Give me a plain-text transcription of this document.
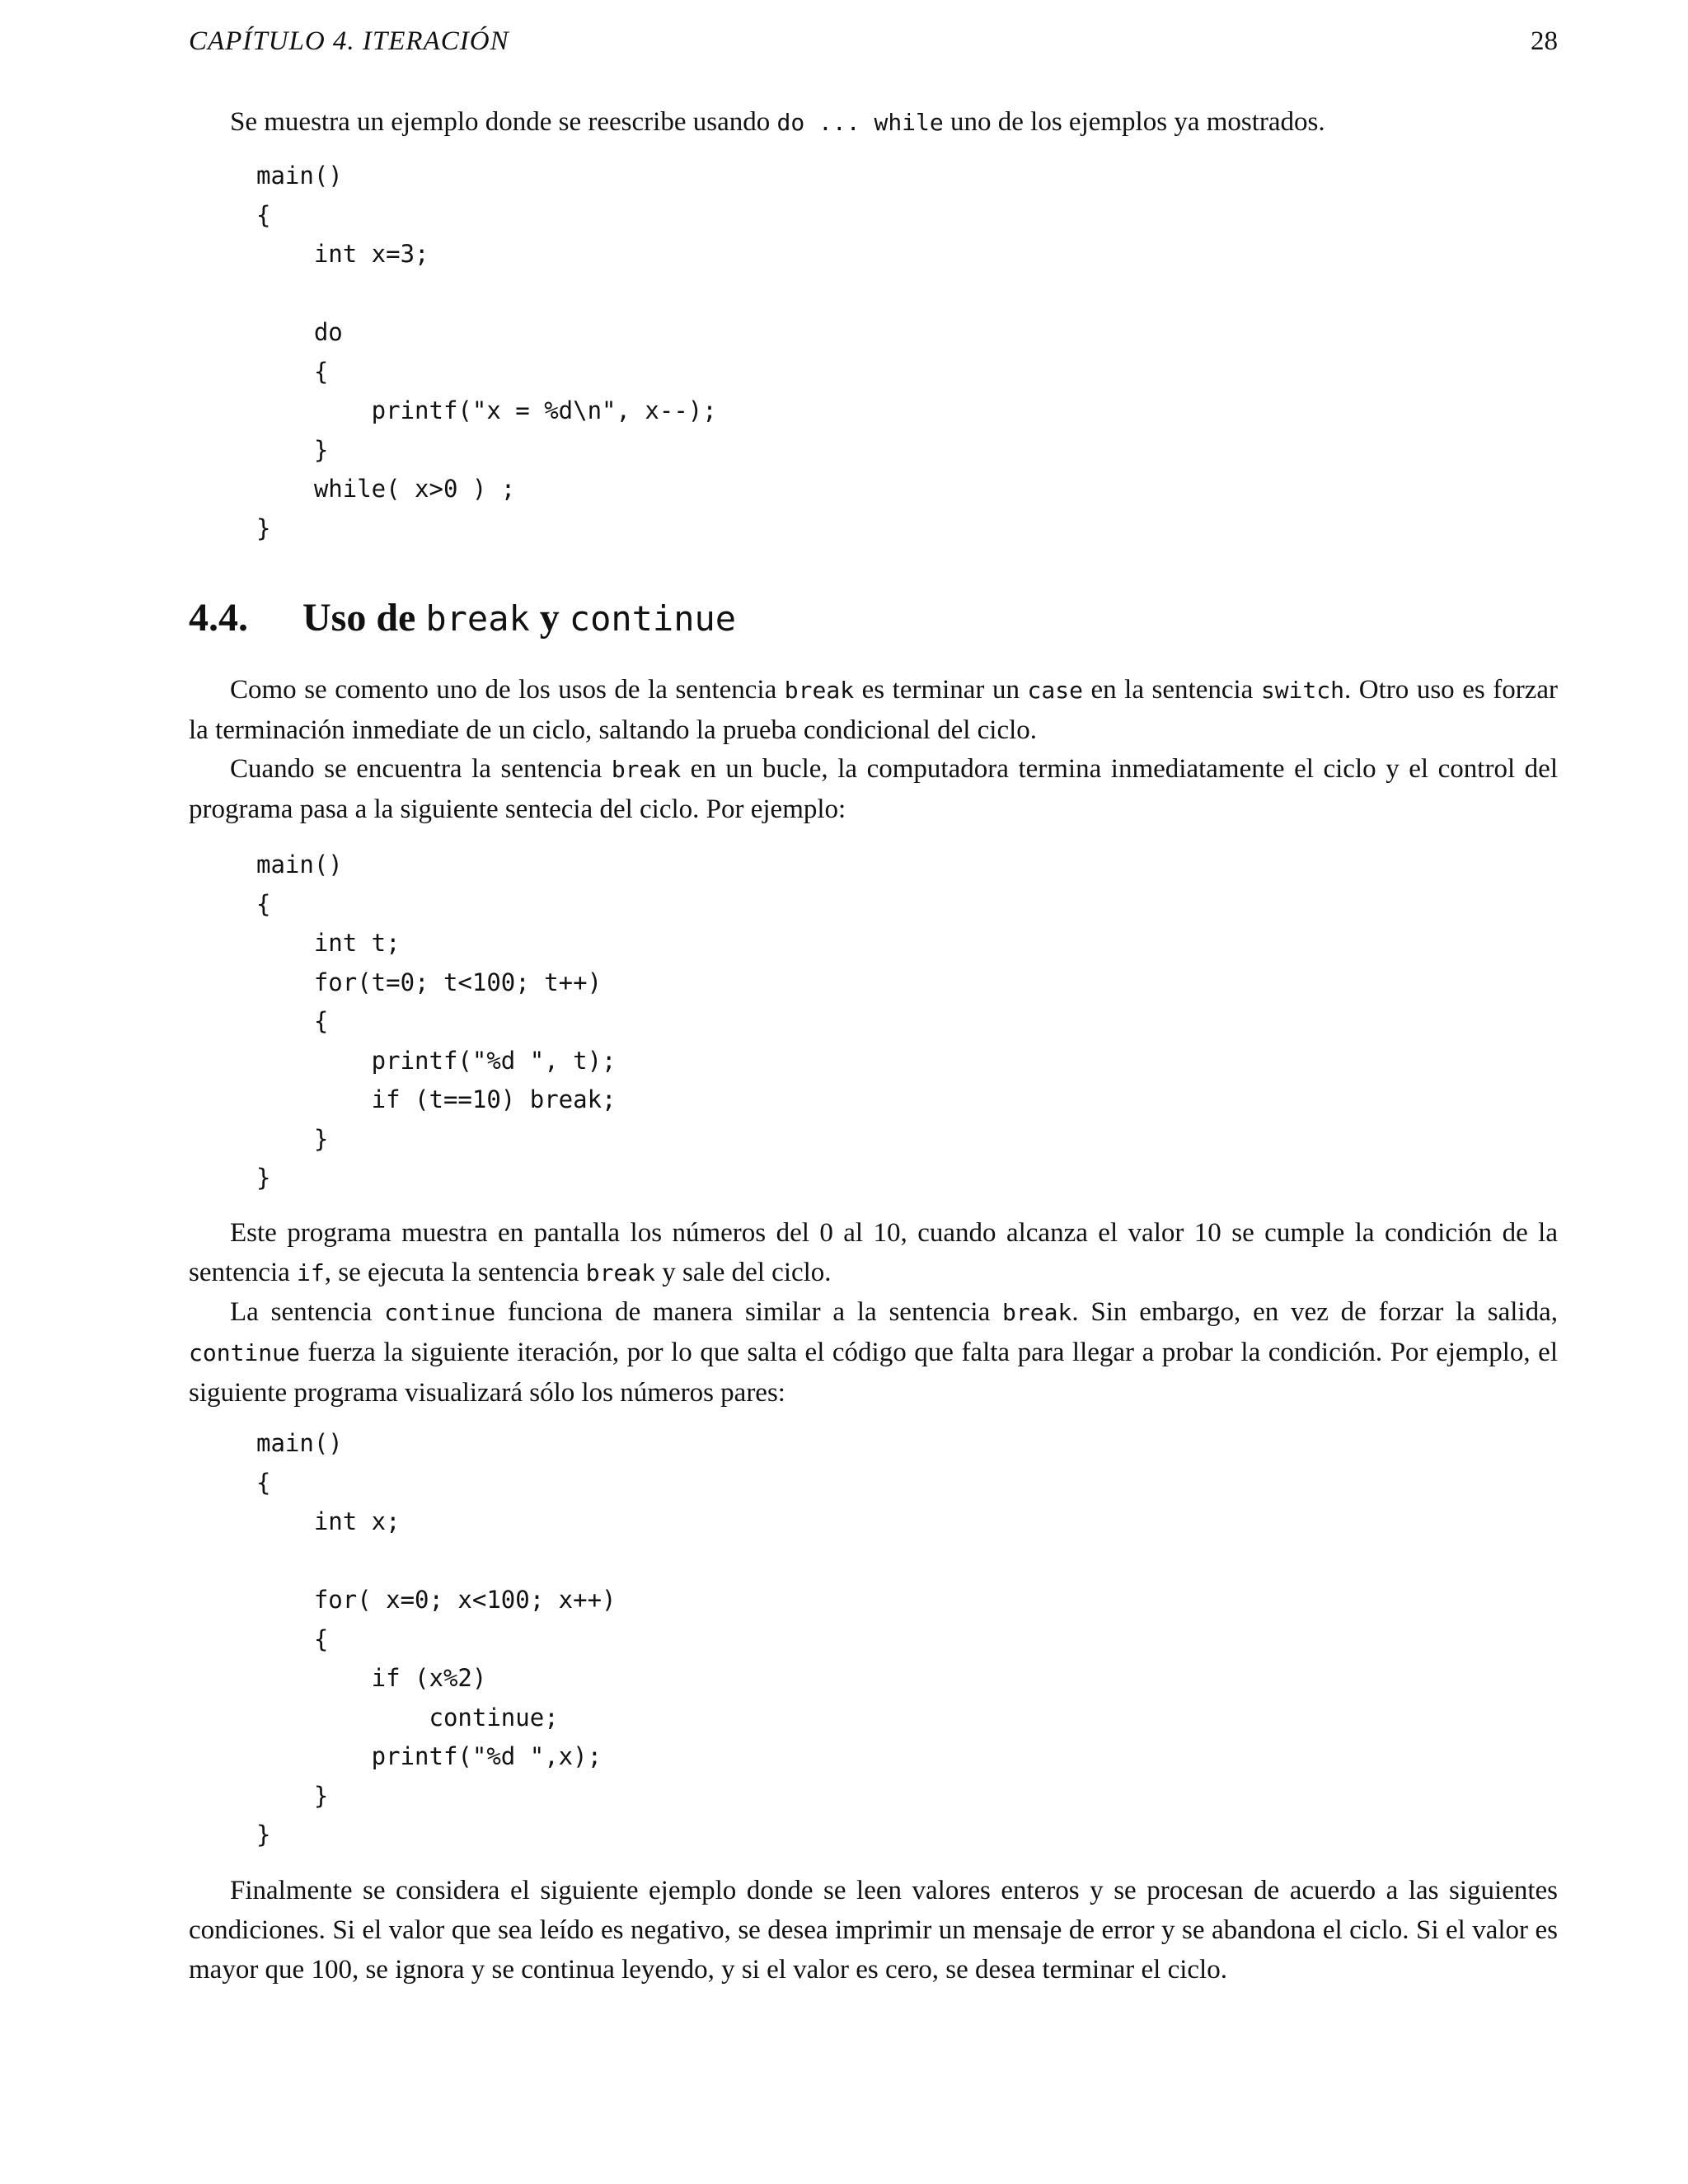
CAPÍTULO 4. ITERACIÓN	28

Se muestra un ejemplo donde se reescribe usando do ... while uno de los ejemplos ya mostrados.

main()
{
int x=3;

do
{
printf("x = %d\n", x--);
}
while( x>0 ) ;
}
4.4. Uso de break y continue

Como se comento uno de los usos de la sentencia break es terminar un case en la sentencia switch. Otro uso es forzar la terminación inmediate de un ciclo, saltando la prueba condicional del ciclo.

Cuando se encuentra la sentencia break en un bucle, la computadora termina inmediatamente el ciclo y el control del programa pasa a la siguiente sentecia del ciclo. Por ejemplo:

main()
{
int t;
for(t=0; t<100; t++)
{
printf("%d ", t);
if (t==10) break;
}
}

Este programa muestra en pantalla los números del 0 al 10, cuando alcanza el valor 10 se cumple la condición de la sentencia if, se ejecuta la sentencia break y sale del ciclo.

La sentencia continue funciona de manera similar a la sentencia break. Sin embargo, en vez de forzar la salida, continue fuerza la siguiente iteración, por lo que salta el código que falta para llegar a probar la condición. Por ejemplo, el siguiente programa visualizará sólo los números pares:

main()
{
int x;

for( x=0; x<100; x++)
{
if (x%2)
continue;
printf("%d ",x);
}
}

Finalmente se considera el siguiente ejemplo donde se leen valores enteros y se procesan de acuerdo a las siguientes condiciones. Si el valor que sea leído es negativo, se desea imprimir un mensaje de error y se abandona el ciclo. Si el valor es mayor que 100, se ignora y se continua leyendo, y si el valor es cero, se desea terminar el ciclo.
